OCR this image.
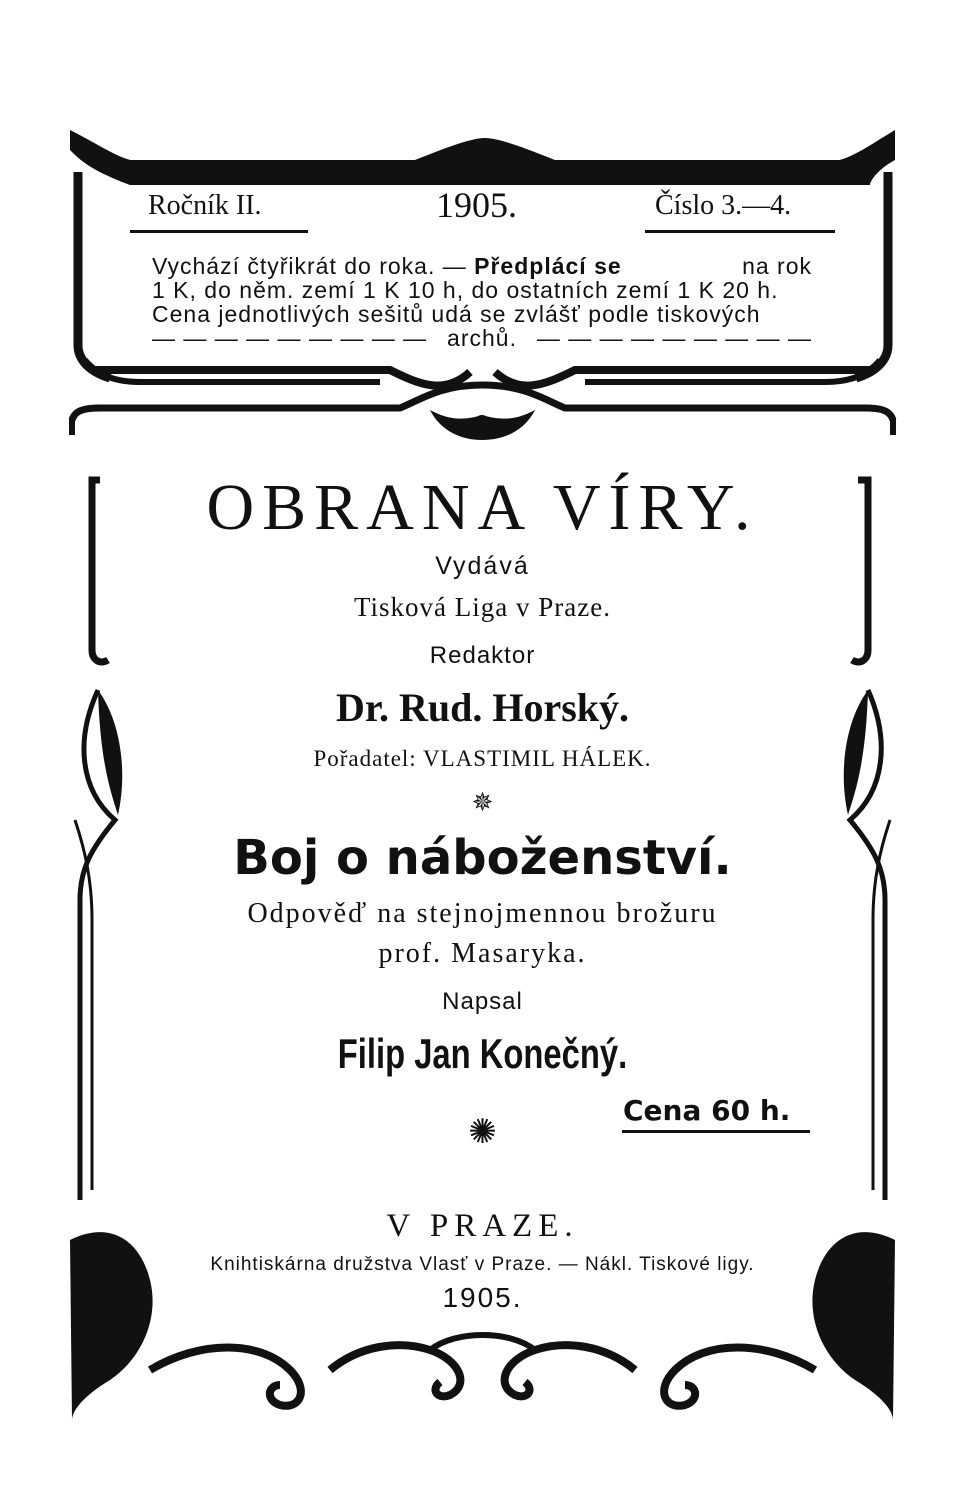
Ročník II.	1905.	Číslo 3.—4.
Vychází čtyřikrát do roka. — Předplácí se	na rok
1 K, do něm. zemí 1 K 10 h, do ostatních zemí 1 K 20 h.
Cena jednotlivých sešitů udá se zvlášť podle tiskových
— — — — — — — — — archů. — — — — — — — — —
OBRANA VÍRY.
Vydává
Tisková Liga v Praze.
Redaktor
Dr. Rud. Horský.
Pořadatel: VLASTIMIL HÁLEK.
✵
Boj o náboženství.
Odpověď na stejnojmennou brožuru
prof. Masaryka.
Napsal
Filip Jan Konečný.
Cena 60 h.
✺
V PRAZE.
Knihtiskárna družstva Vlasť v Praze. — Nákl. Tiskové ligy.
1905.
